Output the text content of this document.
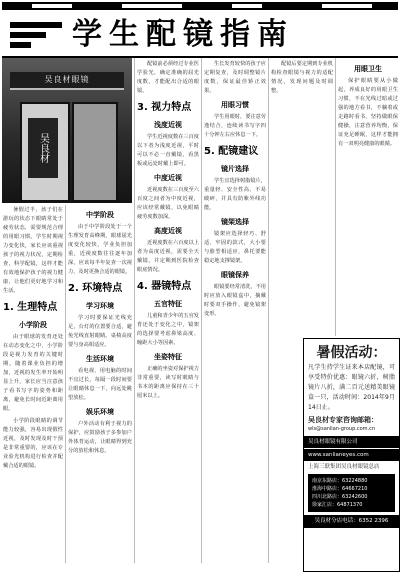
学生配镜指南
吴良材眼镜
吴良材

暑假过半，孩子们在游玩的状态下眼睛常处于疲劳状态，需要规范合理的用眼习惯。学生时期视力变化快，家长应该重视孩子的视力状况，定期检查，科学配镜，这样才能有效地保护孩子的视力健康，让他们更好地学习和生活。

1. 生理特点
小学阶段

由于眼球的发育还处在动态变化之中，小学阶段是视力发育的关键时期，随着课业负担的增加，近视的发生率开始明显上升。家长应当注意孩子看书写字的姿势和距离，避免长时间近距离用眼。

小学阶段眼睛的调节能力较强，容易出现假性近视，及时发现及时干预是非常重要的，应该在专业验光机构进行检查并配戴合适的眼镜。

中学阶段

由于中学阶段处于一个生理发育高峰期，眼球屈光度变化较快，学业负担加重，近视度数往往逐年加深，应该每半年复查一次视力，及时更换合适的眼镜。

2. 环境特点
学习环境

学习时要保证光线充足，台灯的位置要合适，避免光线直射眼睛。桌椅高度要与身高相适应。

生活环境

看电视、用电脑的时间不宜过长，每隔一段时间要让眼睛休息一下，向远处眺望放松。

娱乐环境

户外活动有利于视力的保护，应鼓励孩子多参加户外体育运动，让眼睛得到充分的放松和休息。

配镜前必须经过专业医学验光，确定准确的屈光度数，才能配出合适的眼镜。

3. 视力特点
浅度近视

学生近视度数在三百度以下者为浅度近视，平时可以不必一直戴镜，看黑板或远处时戴上即可。

中度近视

近视度数在三百度至六百度之间者为中度近视，应该经常戴镜，以免眼睛疲劳度数加深。

高度近视

近视度数在六百度以上者为高度近视，需要全天戴镜，并定期到医院检查眼底情况。

4. 器镜特点
五官特征

儿童和青少年的五官发育还处于变化之中，镜架的选择要考虑鼻梁高度、瞳距大小等因素。

坐姿特征

正确的坐姿对保护视力非常重要，读写时眼睛与书本的距离应保持在三十厘米以上。

生长发育较快的孩子应定期复查，及时调整镜片度数，保证最佳矫正效果。

用眼习惯

学生用眼时，要注意劳逸结合，连续读书写字四十分钟左右应休息一下。

5. 配镜建议
镜片选择

学生宜选择树脂镜片，重量轻、安全性高、不易破碎，并具有防紫外线功能。

镜架选择

镜架应选择轻巧、舒适、牢固的款式，大小要与脸型相适应，鼻托要能稳定地支撑镜架。

眼镜保养

眼镜要经常清洗，不用时应放入眼镜盒中，摘戴时要双手操作，避免镜架变形。

配镜后要定期到专业机构检查眼镜与视力的适配情况，发现问题及时调整。

用眼卫生

保护眼睛要从小做起，养成良好的用眼卫生习惯，不在光线过暗或过强的地方看书，不躺着或走路时看书，坚持做眼保健操，注意营养均衡，保证充足睡眠，这样才能拥有一双明亮健康的眼睛。

暑假活动：
凡学生持学生证来本店配镜，可享受特价优惠：眼镜六折，树脂镜片八折，满二百元送精美眼镜盒一只，活动时间：2014年9月14日止。
吴良材专家咨询邮箱：
wls@sanlian-group.com.cn
吴良材眼镜有限公司
www.sanlianeyes.com
上海三联集团吴良材眼镜总店
南京东路店：63224880
淮海中路店：64667210
四川北路店：63242600
徐家汇店：64871370
吴良材分店电话：6352 2396
